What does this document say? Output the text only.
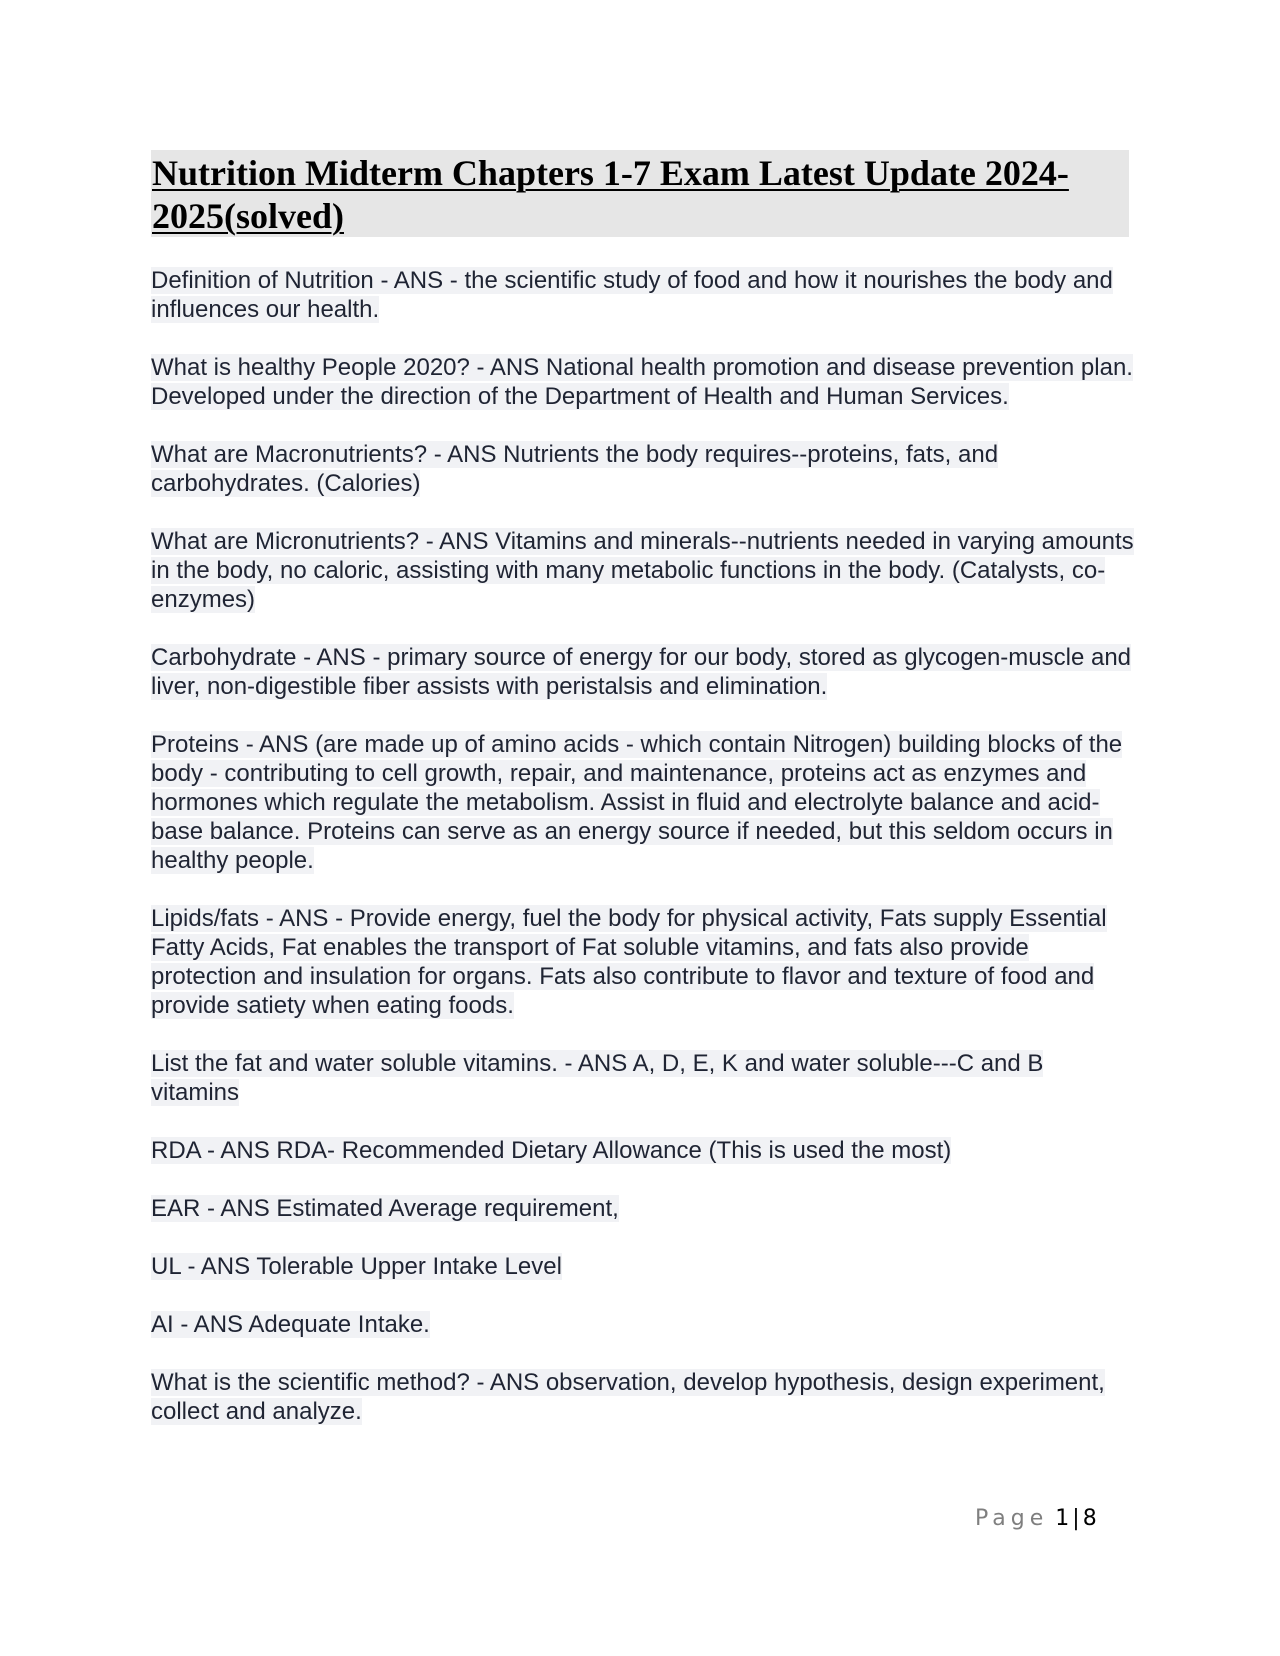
Nutrition Midterm Chapters 1-7 Exam Latest Update 2024-2025(solved)

Definition of Nutrition - ANS - the scientific study of food and how it nourishes the body and influences our health.

What is healthy People 2020? - ANS National health promotion and disease prevention plan. Developed under the direction of the Department of Health and Human Services.

What are Macronutrients? - ANS Nutrients the body requires--proteins, fats, and carbohydrates. (Calories)

What are Micronutrients? - ANS Vitamins and minerals--nutrients needed in varying amounts in the body, no caloric, assisting with many metabolic functions in the body. (Catalysts, co-enzymes)

Carbohydrate - ANS - primary source of energy for our body, stored as glycogen-muscle and liver, non-digestible fiber assists with peristalsis and elimination.

Proteins - ANS (are made up of amino acids - which contain Nitrogen) building blocks of the body - contributing to cell growth, repair, and maintenance, proteins act as enzymes and hormones which regulate the metabolism. Assist in fluid and electrolyte balance and acid-base balance. Proteins can serve as an energy source if needed, but this seldom occurs in healthy people.

Lipids/fats - ANS - Provide energy, fuel the body for physical activity, Fats supply Essential Fatty Acids, Fat enables the transport of Fat soluble vitamins, and fats also provide protection and insulation for organs. Fats also contribute to flavor and texture of food and provide satiety when eating foods.

List the fat and water soluble vitamins. - ANS A, D, E, K and water soluble---C and B vitamins

RDA - ANS RDA- Recommended Dietary Allowance (This is used the most)

EAR - ANS Estimated Average requirement,

UL - ANS Tolerable Upper Intake Level

AI - ANS Adequate Intake.

What is the scientific method? - ANS observation, develop hypothesis, design experiment, collect and analyze.

Page 1 | 8
